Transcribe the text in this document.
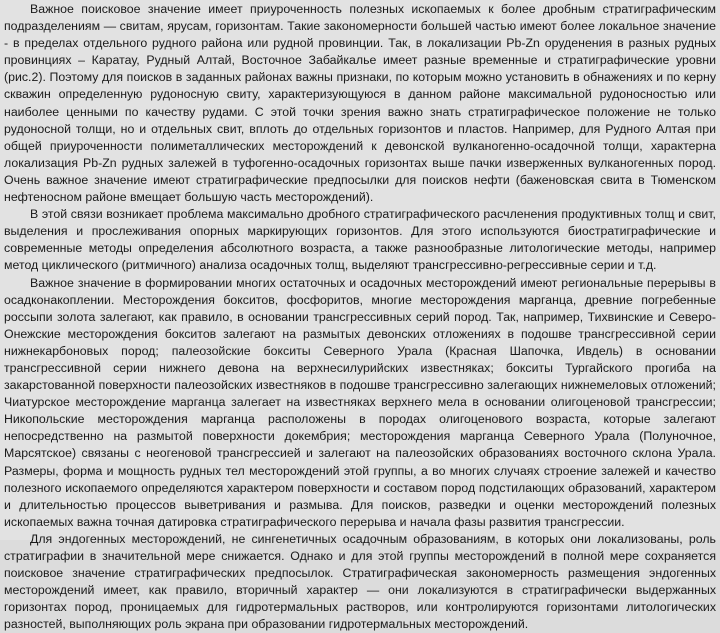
Важное поисковое значение имеет приуроченность полезных ископаемых к более дробным стратиграфическим подразделениям — свитам, ярусам, горизонтам. Такие закономерности большей частью имеют более локальное значение - в пределах отдельного рудного района или рудной провинции. Так, в локализации Pb-Zn оруденения в разных рудных провинциях – Каратау, Рудный Алтай, Восточное Забайкалье имеет разные временные и стратиграфические уровни (рис.2). Поэтому для поисков в заданных районах важны признаки, по которым можно установить в обнажениях и по керну скважин определенную рудоносную свиту, характеризующуюся в данном районе максимальной рудоносностью или наиболее ценными по качеству рудами. С этой точки зрения важно знать стратиграфическое положение не только рудоносной толщи, но и отдельных свит, вплоть до отдельных горизонтов и пластов. Например, для Рудного Алтая при общей приуроченности полиметаллических месторождений к девонской вулканогенно-осадочной толщи, характерна локализация Pb-Zn рудных залежей в туфогенно-осадочных горизонтах выше пачки изверженных вулканогенных пород. Очень важное значение имеют стратиграфические предпосылки для поисков нефти (баженовская свита в Тюменском нефтеносном районе вмещает большую часть месторождений).

В этой связи возникает проблема максимально дробного стратиграфического расчленения продуктивных толщ и свит, выделения и прослеживания опорных маркирующих горизонтов. Для этого используются биостратиграфические и современные методы определения абсолютного возраста, а также разнообразные литологические методы, например метод циклического (ритмичного) анализа осадочных толщ, выделяют трансгрессивно-регрессивные серии и т.д.

Важное значение в формировании многих остаточных и осадочных месторождений имеют региональные перерывы в осадконакоплении. Месторождения бокситов, фосфоритов, многие месторождения марганца, древние погребенные россыпи золота залегают, как правило, в основании трансгрессивных серий пород. Так, например, Тихвинские и Северо-Онежские месторождения бокситов залегают на размытых девонских отложениях в подошве трансгрессивной серии нижнекарбоновых пород; палеозойские бокситы Северного Урала (Красная Шапочка, Ивдель) в основании трансгрессивной серии нижнего девона на верхнесилурийских известняках; бокситы Тургайского прогиба на закарстованной поверхности палеозойских известняков в подошве трансгрессивно залегающих нижнемеловых отложений; Чиатурское месторождение марганца залегает на известняках верхнего мела в основании олигоценовой трансгрессии; Никопольские месторождения марганца расположены в породах олигоценового возраста, которые залегают непосредственно на размытой поверхности докембрия; месторождения марганца Северного Урала (Полуночное, Марсятское) связаны с неогеновой трансгрессией и залегают на палеозойских образованиях восточного склона Урала. Размеры, форма и мощность рудных тел месторождений этой группы, а во многих случаях строение залежей и качество полезного ископаемого определяются характером поверхности и составом пород подстилающих образований, характером и длительностью процессов выветривания и размыва. Для поисков, разведки и оценки месторождений полезных ископаемых важна точная датировка стратиграфического перерыва и начала фазы развития трансгрессии.

Для эндогенных месторождений, не сингенетичных осадочным образованиям, в которых они локализованы, роль стратиграфии в значительной мере снижается. Однако и для этой группы месторождений в полной мере сохраняется поисковое значение стратиграфических предпосылок. Стратиграфическая закономерность размещения эндогенных месторождений имеет, как правило, вторичный характер — они локализуются в стратиграфически выдержанных горизонтах пород, проницаемых для гидротермальных растворов, или контролируются горизонтами литологических разностей, выполняющих роль экрана при образовании гидротермальных месторождений.
